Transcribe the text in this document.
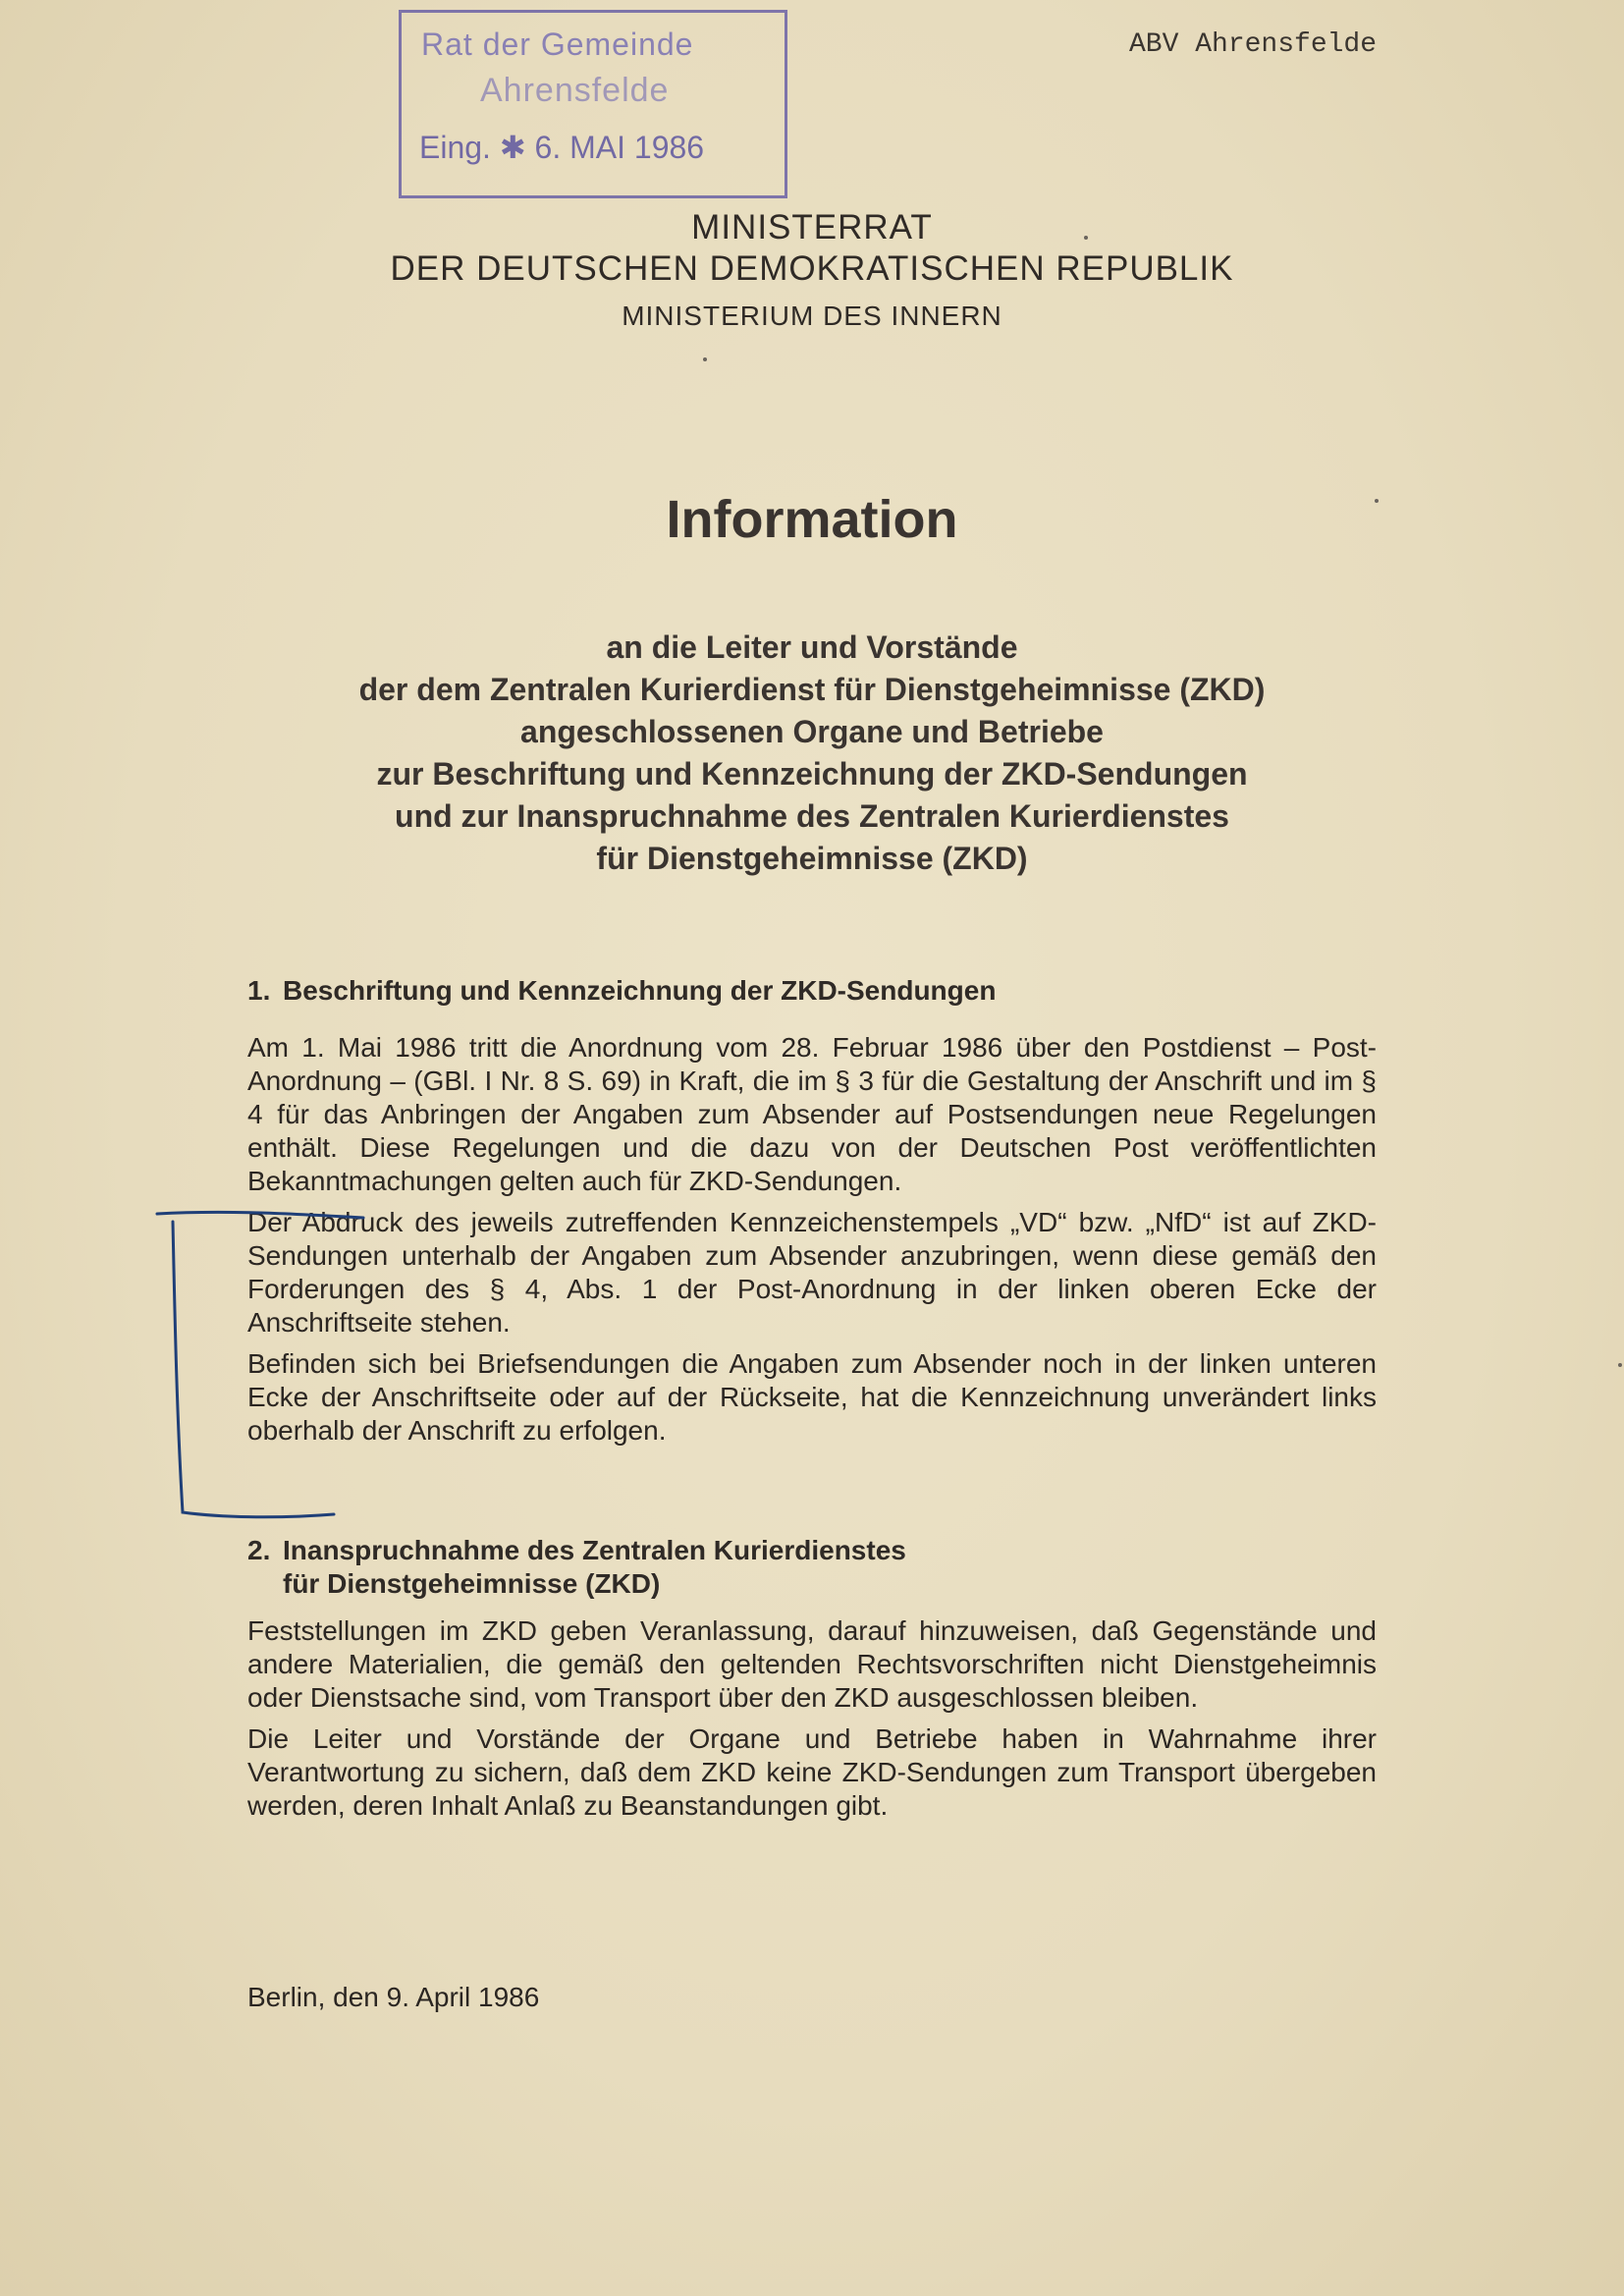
Rat der Gemeinde
Ahrensfelde
Eing. ✱ 6. MAI 1986
ABV Ahrensfelde
MINISTERRAT
DER DEUTSCHEN DEMOKRATISCHEN REPUBLIK
MINISTERIUM DES INNERN
Information
an die Leiter und Vorstände
der dem Zentralen Kurierdienst für Dienstgeheimnisse (ZKD)
angeschlossenen Organe und Betriebe
zur Beschriftung und Kennzeichnung der ZKD-Sendungen
und zur Inanspruchnahme des Zentralen Kurierdienstes
für Dienstgeheimnisse (ZKD)
1. Beschriftung und Kennzeichnung der ZKD-Sendungen

Am 1. Mai 1986 tritt die Anordnung vom 28. Februar 1986 über den Postdienst – Post-Anordnung – (GBl. I Nr. 8 S. 69) in Kraft, die im § 3 für die Gestaltung der Anschrift und im § 4 für das Anbringen der Angaben zum Absender auf Postsendungen neue Regelungen enthält. Diese Regelungen und die dazu von der Deutschen Post veröffentlichten Bekanntmachungen gelten auch für ZKD-Sendungen.

Der Abdruck des jeweils zutreffenden Kennzeichenstempels „VD“ bzw. „NfD“ ist auf ZKD-Sendungen unterhalb der Angaben zum Absender anzubringen, wenn diese gemäß den Forderungen des § 4, Abs. 1 der Post-Anordnung in der linken oberen Ecke der Anschriftseite stehen.

Befinden sich bei Briefsendungen die Angaben zum Absender noch in der linken unteren Ecke der Anschriftseite oder auf der Rückseite, hat die Kennzeichnung unverändert links oberhalb der Anschrift zu erfolgen.

2. Inanspruchnahme des Zentralen Kurierdienstes
für Dienstgeheimnisse (ZKD)

Feststellungen im ZKD geben Veranlassung, darauf hinzuweisen, daß Gegenstände und andere Materialien, die gemäß den geltenden Rechtsvorschriften nicht Dienstgeheimnis oder Dienstsache sind, vom Transport über den ZKD ausgeschlossen bleiben.

Die Leiter und Vorstände der Organe und Betriebe haben in Wahrnahme ihrer Verantwortung zu sichern, daß dem ZKD keine ZKD-Sendungen zum Transport übergeben werden, deren Inhalt Anlaß zu Beanstandungen gibt.

Berlin, den 9. April 1986
